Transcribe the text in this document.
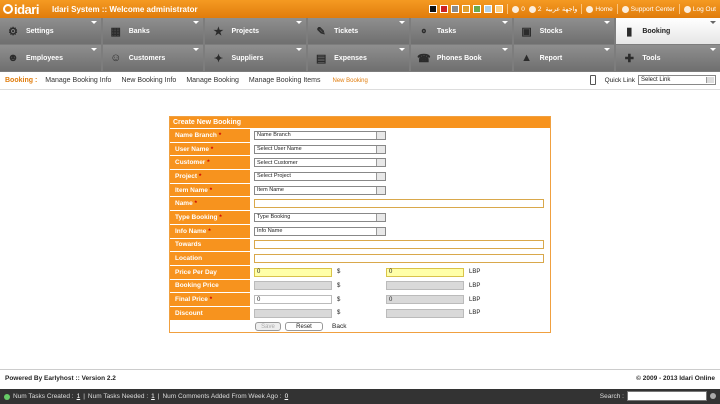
idari Idari System :: Welcome administrator	0 2 واجهة عربية	Home	Support Center	Log Out
⚙ Settings	▦ Banks	★ Projects	✎	Tickets	⚬	Tasks	▣ Stocks	▮	Booking
☻ Employees	☺ Customers	✦	Suppliers	▤ Expenses	☎ Phones Book	▲ Report	✚	Tools
Booking : Manage Booking Info New Booking Info Manage Booking Manage Booking Items	New Booking	Quick Link	Select Link
Create New Booking
Name Branch *	Name Branch
User Name *	Select User Name
Customer *	Select Customer
Project *	Select Project
Item Name *	Item Name
Name *
Type Booking *	Type Booking
Info Name *	Info Name
Towards
Location
Price Per Day	0	$	0	LBP
Booking Price	$	LBP
Final Price *	0	$	0	LBP
Discount	$	LBP
Save	Reset	Back
Powered By Earlyhost :: Version 2.2	© 2009 - 2013 Idari Online
Num Tasks Created : 1 | Num Tasks Needed : 1 | Num Comments Added From Week Ago : 0	Search :
